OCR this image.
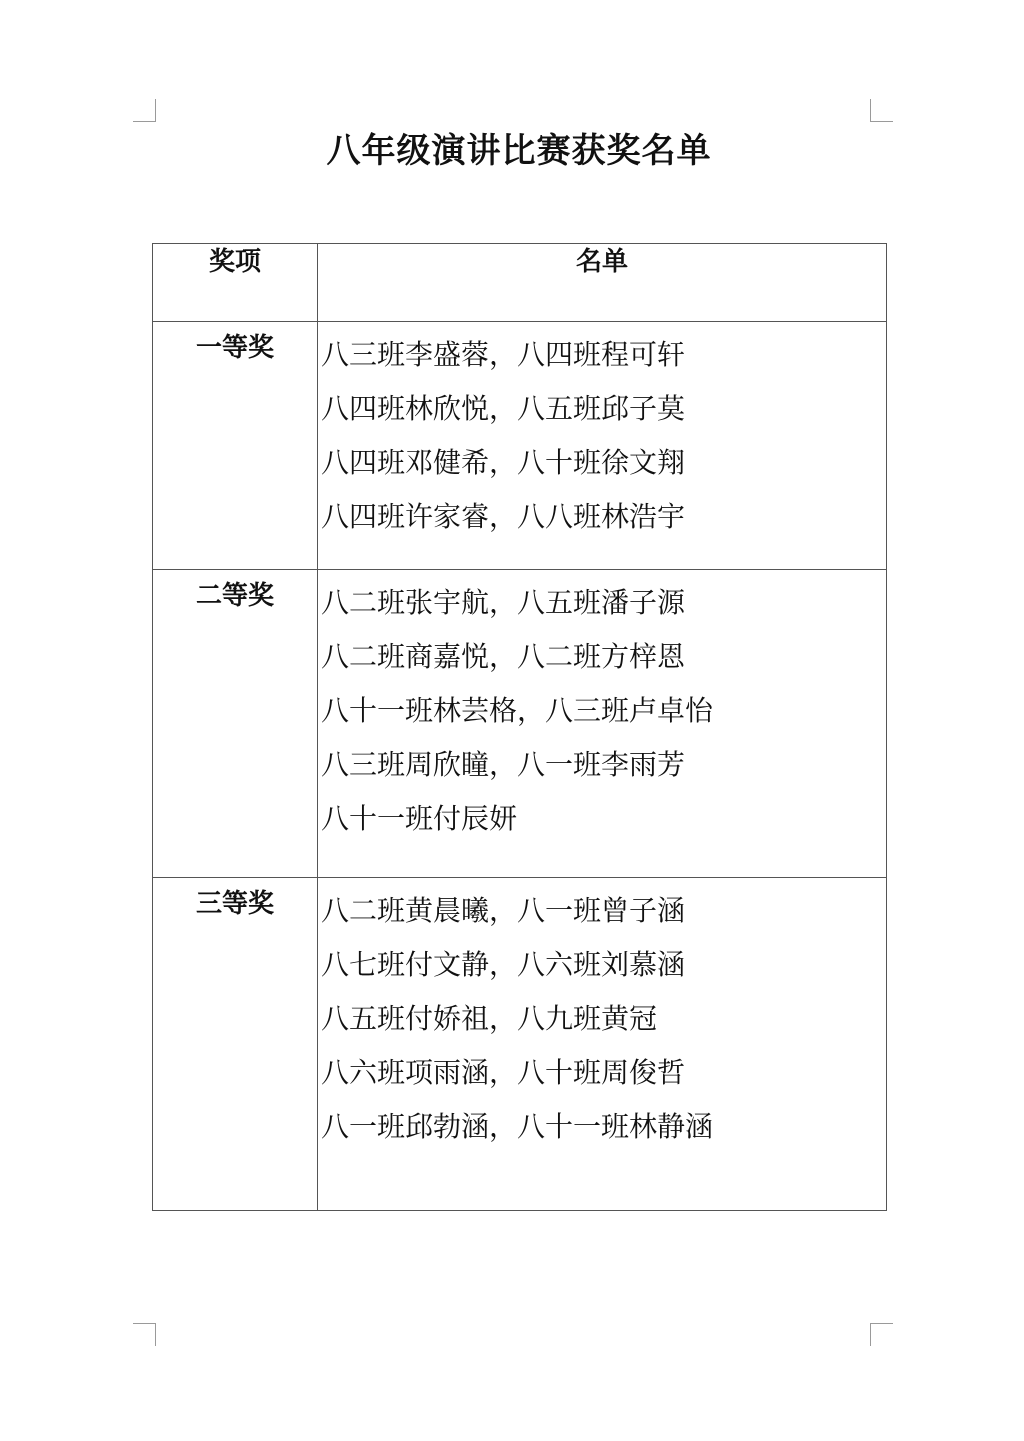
八年级演讲比赛获奖名单
奖项	名单
一等奖	八三班李盛蓉，八四班程可轩
八四班林欣悦，八五班邱子莫
八四班邓健希，八十班徐文翔
八四班许家睿，八八班林浩宇

二等奖	八二班张宇航，八五班潘子源
八二班商嘉悦，八二班方梓恩
八十一班林芸格，八三班卢卓怡
八三班周欣瞳，八一班李雨芳
八十一班付辰妍

三等奖	八二班黄晨曦，八一班曾子涵
八七班付文静，八六班刘慕涵
八五班付娇祖，八九班黄冠
八六班项雨涵，八十班周俊哲
八一班邱勃涵，八十一班林静涵
